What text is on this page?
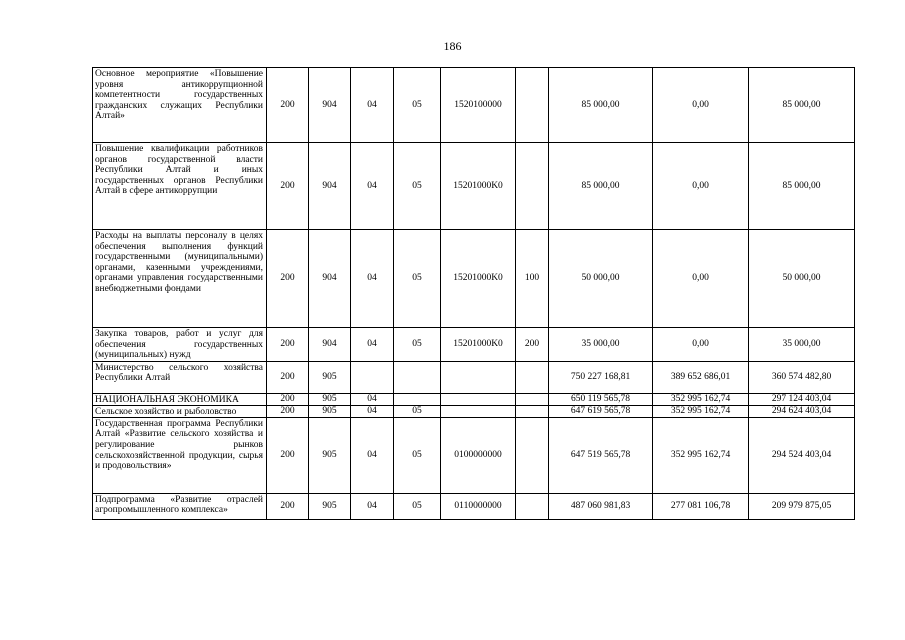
186
Основное мероприятие «Повышение уровня антикоррупционной компетентности государственных гражданских служащих Республики Алтай»	200	904	04	05	1520100000		85 000,00	0,00	85 000,00
Повышение квалификации работников органов государственной власти Республики Алтай и иных государственных органов Республики Алтай в сфере антикоррупции	200	904	04	05	15201000K0		85 000,00	0,00	85 000,00
Расходы на выплаты персоналу в целях обеспечения выполнения функций государственными (муниципальными) органами, казенными учреждениями, органами управления государственными внебюджетными фондами	200	904	04	05	15201000K0	100	50 000,00	0,00	50 000,00
Закупка товаров, работ и услуг для обеспечения государственных (муниципальных) нужд	200	904	04	05	15201000K0	200	35 000,00	0,00	35 000,00
Министерство сельского хозяйства Республики Алтай	200	905					750 227 168,81	389 652 686,01	360 574 482,80
НАЦИОНАЛЬНАЯ ЭКОНОМИКА	200	905	04				650 119 565,78	352 995 162,74	297 124 403,04
Сельское хозяйство и рыболовство	200	905	04	05			647 619 565,78	352 995 162,74	294 624 403,04
Государственная программа Республики Алтай «Развитие сельского хозяйства и регулирование рынков сельскохозяйственной продукции, сырья и продовольствия»	200	905	04	05	0100000000		647 519 565,78	352 995 162,74	294 524 403,04
Подпрограмма «Развитие отраслей агропромышленного комплекса»	200	905	04	05	0110000000		487 060 981,83	277 081 106,78	209 979 875,05
